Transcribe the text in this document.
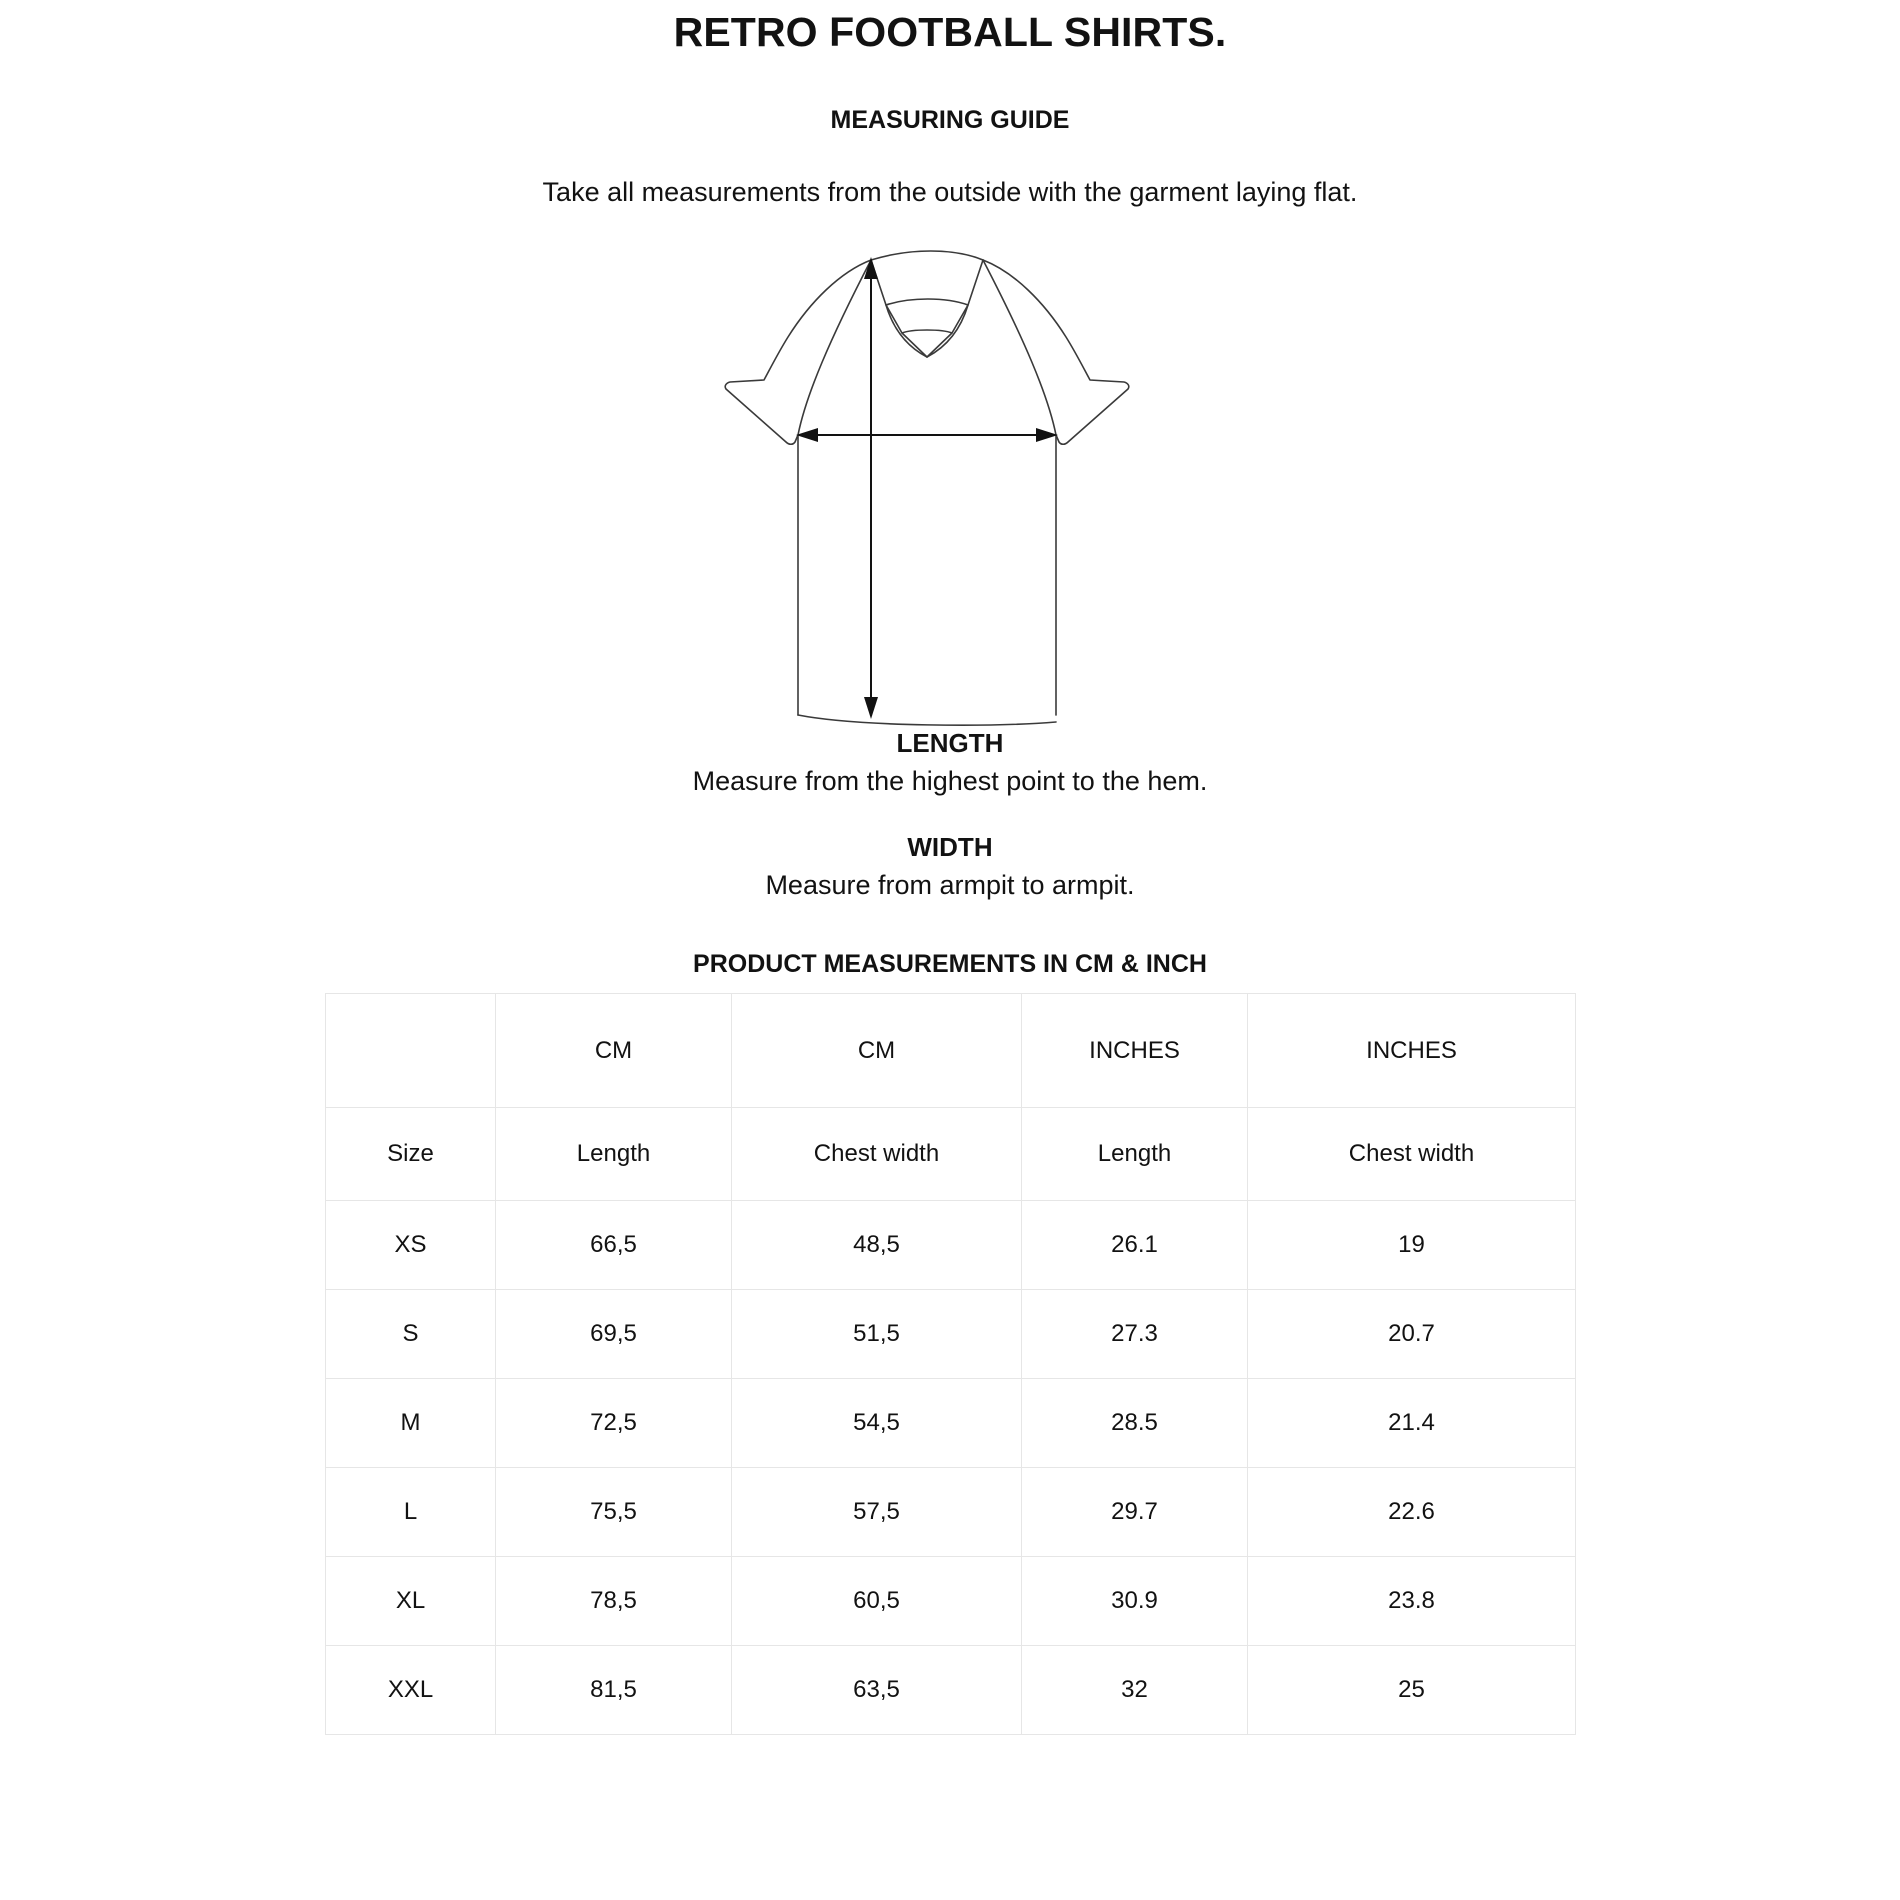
RETRO FOOTBALL SHIRTS.
MEASURING GUIDE

Take all measurements from the outside with the garment laying flat.

LENGTH
Measure from the highest point to the hem.
WIDTH
Measure from armpit to armpit.
PRODUCT MEASUREMENTS IN CM & INCH
	CM	CM	INCHES	INCHES
Size	Length	Chest width	Length	Chest width
XS	66,5	48,5	26.1	19
S	69,5	51,5	27.3	20.7
M	72,5	54,5	28.5	21.4
L	75,5	57,5	29.7	22.6
XL	78,5	60,5	30.9	23.8
XXL	81,5	63,5	32	25
